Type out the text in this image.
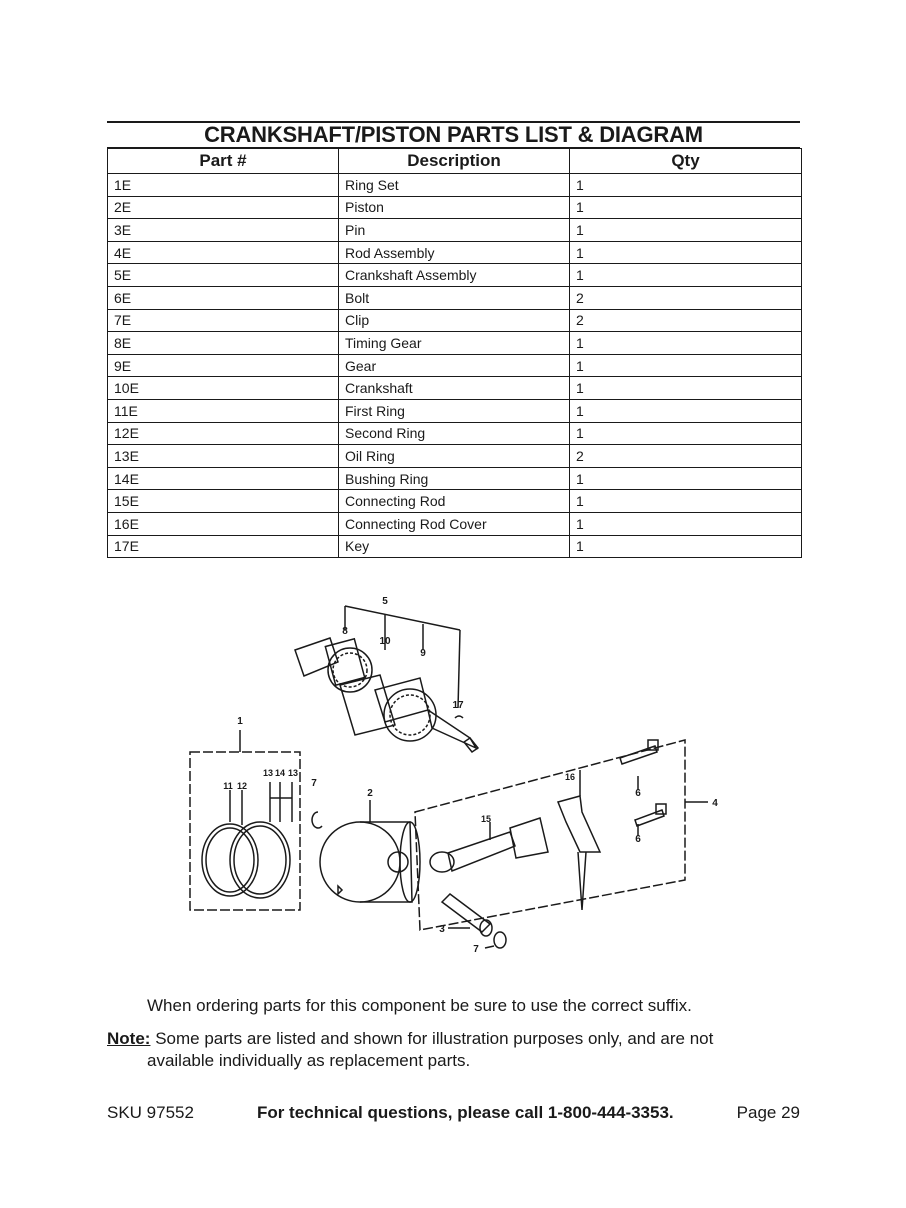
CRANKSHAFT/PISTON PARTS LIST & DIAGRAM
Part #	Description	Qty
1E	Ring Set	1
2E	Piston	1
3E	Pin	1
4E	Rod Assembly	1
5E	Crankshaft Assembly	1
6E	Bolt	2
7E	Clip	2
8E	Timing Gear	1
9E	Gear	1
10E	Crankshaft	1
11E	First Ring	1
12E	Second Ring	1
13E	Oil Ring	2
14E	Bushing Ring	1
15E	Connecting Rod	1
16E	Connecting Rod Cover	1
17E	Key	1
5
8
10
9
17
1
11 12
13 14 13
7
2
16
15
6
6
4
3
7
When ordering parts for this component be sure to use the correct suffix.
Note: Some parts are listed and shown for illustration purposes only, and are not
available individually as replacement parts.
SKU 97552	For technical questions, please call 1-800-444-3353.	Page 29
